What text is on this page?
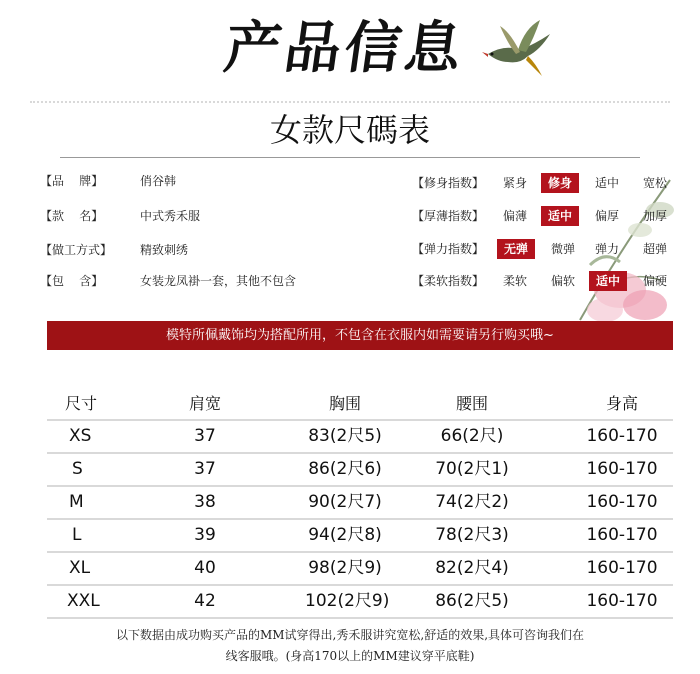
产品信息
女款尺碼表
【品    牌】	俏谷韩
【款    名】	中式秀禾服
【做工方式】 精致刺绣
【包    含】	女装龙凤褂一套，其他不包含
【修身指数】	紧身	修身	适中	宽松
【厚薄指数】	偏薄	适中	偏厚	加厚
【弹力指数】	无弹	微弹	弹力	超弹
【柔软指数】	柔软	偏软	适中	偏硬
模特所佩戴饰均为搭配所用，不包含在衣服内如需要请另行购买哦~
尺寸	肩宽	胸围	腰围	身高
XS	37	83(2尺5)	66(2尺)	160-170
S	37	86(2尺6)	70(2尺1)	160-170
M	38	90(2尺7)	74(2尺2)	160-170
L	39	94(2尺8)	78(2尺3)	160-170
XL	40	98(2尺9)	82(2尺4)	160-170
XXL	42	102(2尺9)	86(2尺5)	160-170
以下数据由成功购买产品的MM试穿得出,秀禾服讲究宽松,舒适的效果,具体可咨询我们在
线客服哦。(身高170以上的MM建议穿平底鞋)
